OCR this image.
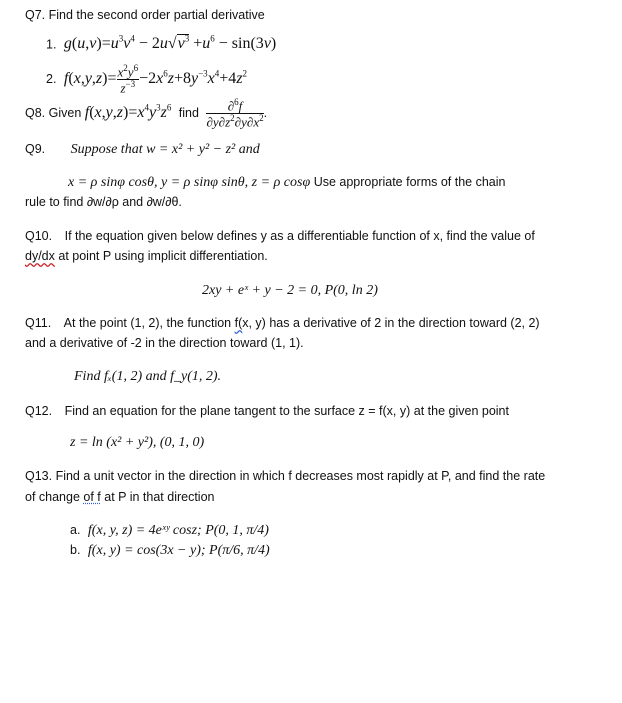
Q7. Find the second order partial derivative
1. $g(u,v)=u^3v^4 - 2u√v^3 +u^6 - \sin(3v)$
2. $f(x,y,z)= \frac{x^2y^6}{z^{-3}} -2x^6z+8y^{-3}x^4+4z^2$
Q8. Given $f(x,y,z)=x^4y^3z^6$ find $\frac{\partial^6f}{\partial y\partial z^2\partial y\partial x^2}$ .
Q9. Suppose that w = x² + y² − z² and
x = ρ sinφ cosθ, y = ρ sinφ sinθ, z = ρ cosφ Use appropriate forms of the chain
rule to find ∂w/∂ρ and ∂w/∂θ.
Q10. If the equation given below defines y as a differentiable function of x, find the value of
dy/dx at point P using implicit differentiation.
2xy + eˣ + y − 2 = 0, P(0, ln 2)
Q11. At the point (1, 2), the function f(x, y) has a derivative of 2 in the direction toward (2, 2)
and a derivative of -2 in the direction toward (1, 1).
Find fₓ(1, 2) and f_y(1, 2).
Q12. Find an equation for the plane tangent to the surface z = f(x, y) at the given point
z = ln (x² + y²), (0, 1, 0)
Q13. Find a unit vector in the direction in which f decreases most rapidly at P, and find the rate
of change of f at P in that direction
a. f(x, y, z) = 4eˣʸ cosz; P(0, 1, π/4)
b. f(x, y) = cos(3x − y); P(π/6, π/4)
